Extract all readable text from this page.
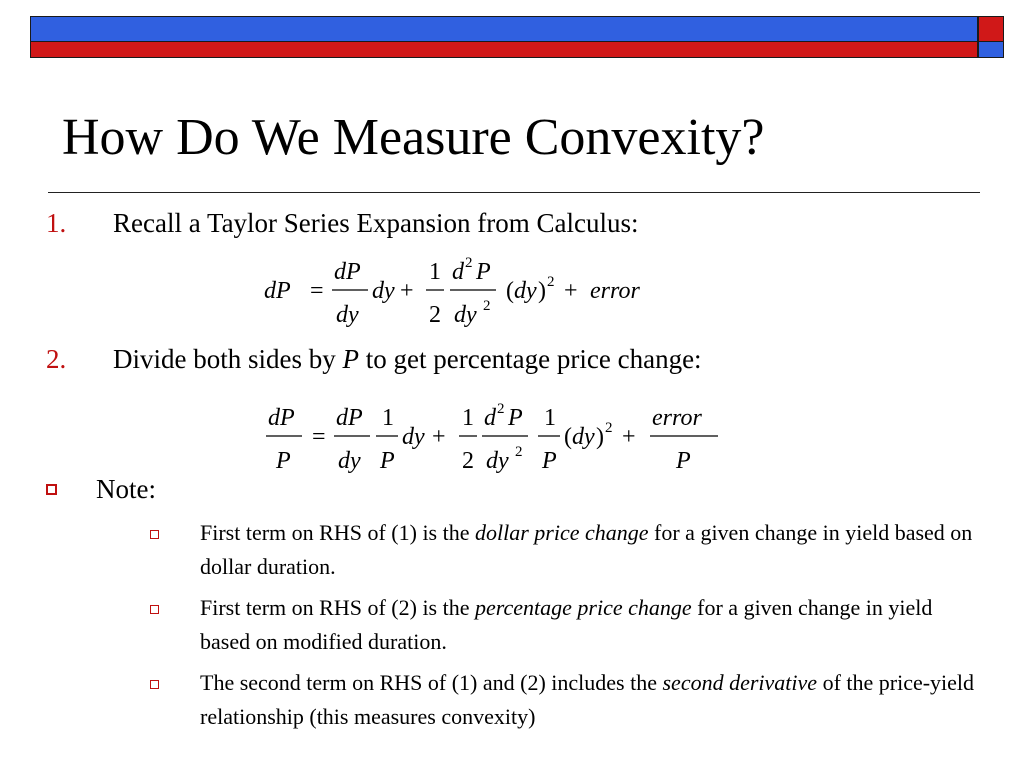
How Do We Measure Convexity?
1. Recall a Taylor Series Expansion from Calculus:
dP =
dP
dy
dy +
1
2
d 2 P
dy 2
( dy ) 2 + error
2. Divide both sides by P to get percentage price change:
dP
P
=
dP
dy
1
P
dy +
1
2
d 2 P
dy 2
1
P
( dy ) 2 +
error
P
Note:
First term on RHS of (1) is the dollar price change for a given change in yield based on dollar duration.
First term on RHS of (2) is the percentage price change for a given change in yield based on modified duration.
The second term on RHS of (1) and (2) includes the second derivative of the price-yield relationship (this measures convexity)
